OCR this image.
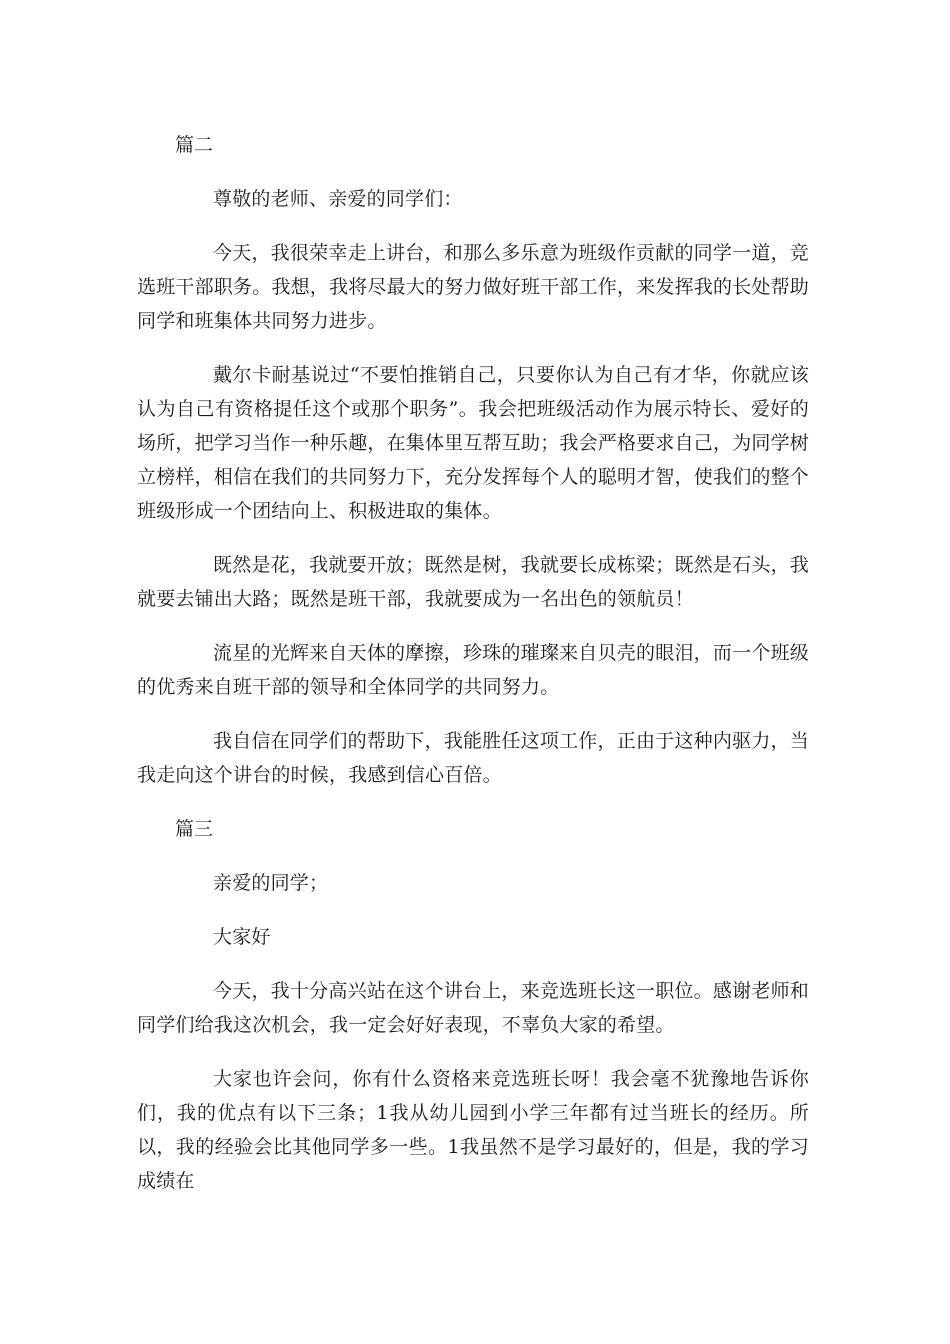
篇二

尊敬的老师、亲爱的同学们：

今天，我很荣幸走上讲台，和那么多乐意为班级作贡献的同学一道，竞选班干部职务。我想，我将尽最大的努力做好班干部工作，来发挥我的长处帮助同学和班集体共同努力进步。

戴尔卡耐基说过“不要怕推销自己，只要你认为自己有才华，你就应该认为自己有资格提任这个或那个职务”。我会把班级活动作为展示特长、爱好的场所，把学习当作一种乐趣，在集体里互帮互助；我会严格要求自己，为同学树立榜样，相信在我们的共同努力下，充分发挥每个人的聪明才智，使我们的整个班级形成一个团结向上、积极进取的集体。

既然是花，我就要开放；既然是树，我就要长成栋梁；既然是石头，我就要去铺出大路；既然是班干部，我就要成为一名出色的领航员！

流星的光辉来自天体的摩擦，珍珠的璀璨来自贝壳的眼泪，而一个班级的优秀来自班干部的领导和全体同学的共同努力。

我自信在同学们的帮助下，我能胜任这项工作，正由于这种内驱力，当我走向这个讲台的时候，我感到信心百倍。

篇三

亲爱的同学；

大家好

今天，我十分高兴站在这个讲台上，来竞选班长这一职位。感谢老师和同学们给我这次机会，我一定会好好表现，不辜负大家的希望。

大家也许会问，你有什么资格来竞选班长呀！我会毫不犹豫地告诉你们，我的优点有以下三条；1我从幼儿园到小学三年都有过当班长的经历。所以，我的经验会比其他同学多一些。1我虽然不是学习最好的，但是，我的学习成绩在
